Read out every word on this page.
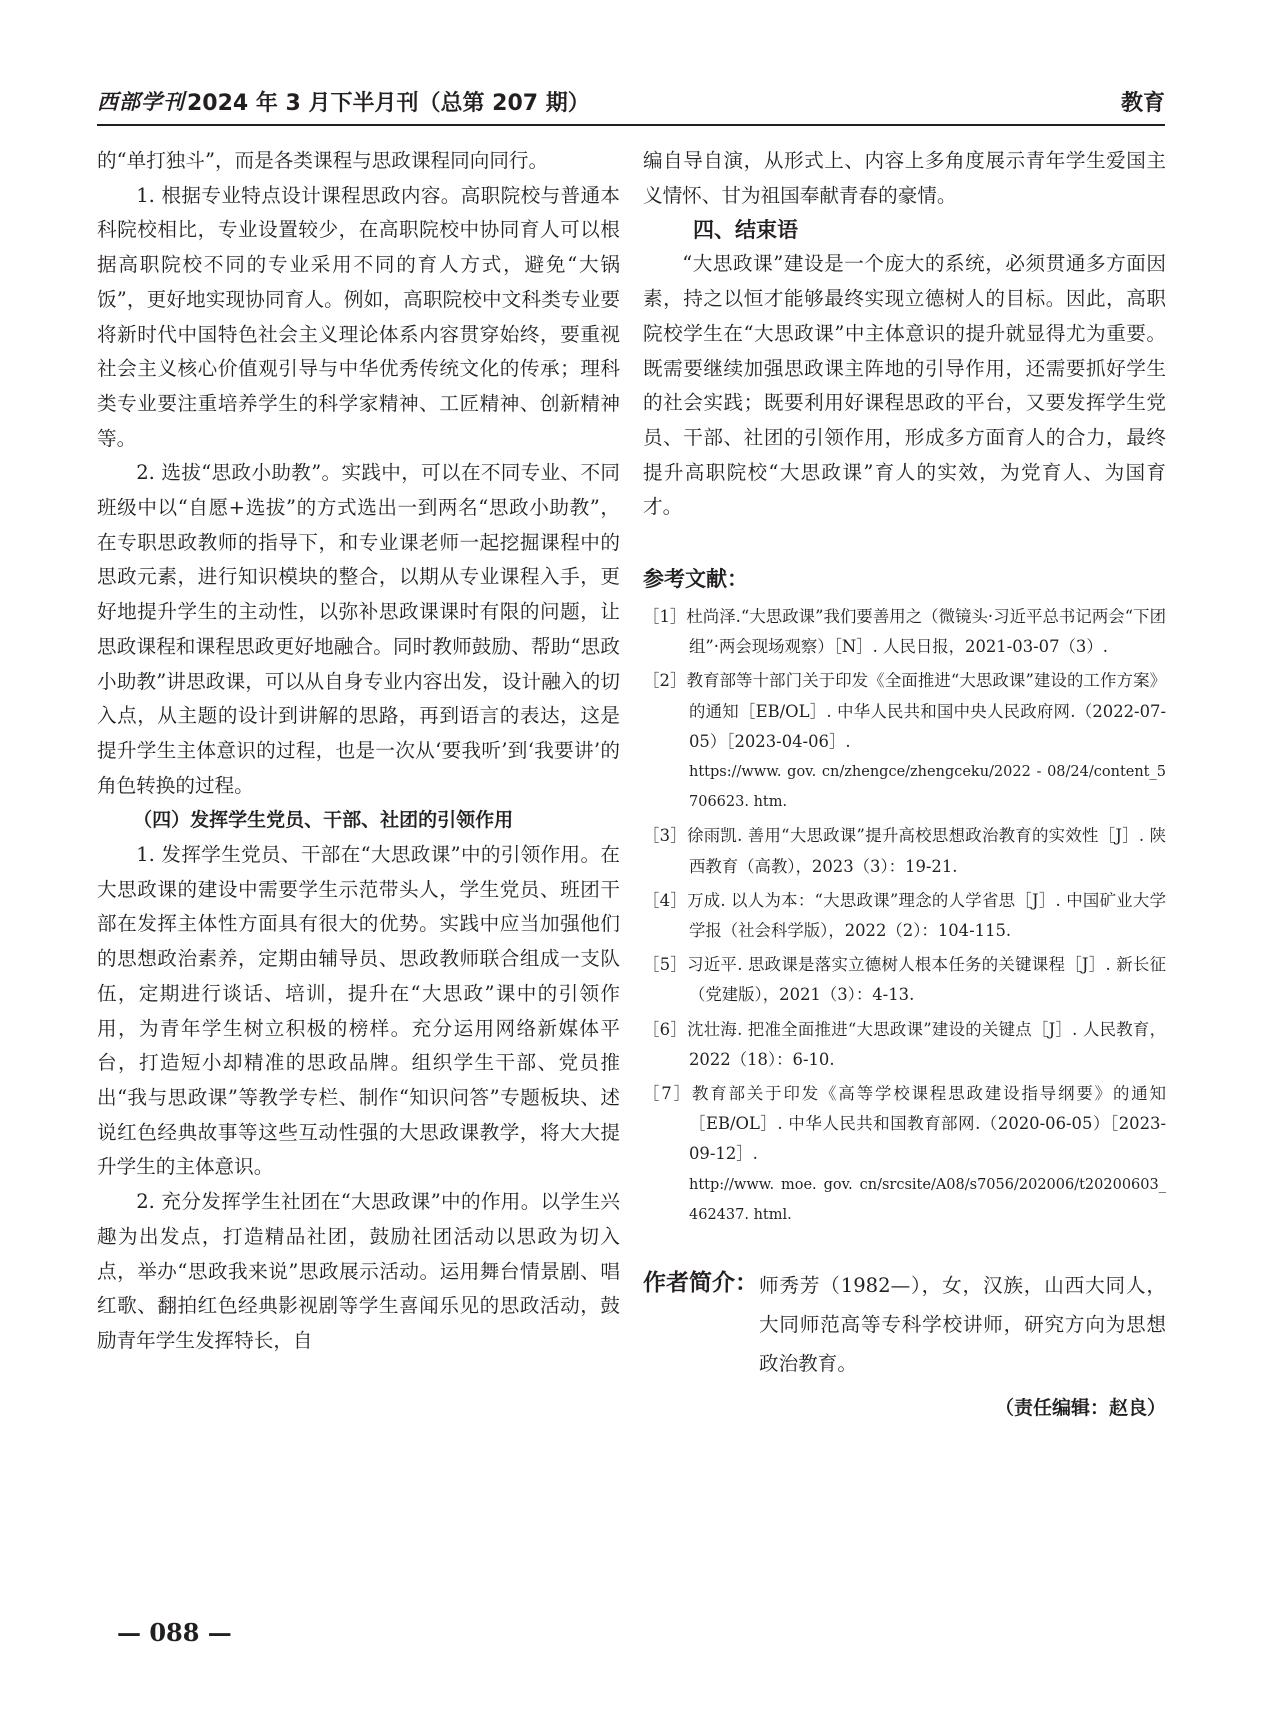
西部学刊 2024 年 3 月下半月刊（总第 207 期）	教育

的“单打独斗”，而是各类课程与思政课程同向同行。

1. 根据专业特点设计课程思政内容。高职院校与普通本科院校相比，专业设置较少，在高职院校中协同育人可以根据高职院校不同的专业采用不同的育人方式，避免“大锅饭”，更好地实现协同育人。例如，高职院校中文科类专业要将新时代中国特色社会主义理论体系内容贯穿始终，要重视社会主义核心价值观引导与中华优秀传统文化的传承；理科类专业要注重培养学生的科学家精神、工匠精神、创新精神等。

2. 选拔“思政小助教”。实践中，可以在不同专业、不同班级中以“自愿+选拔”的方式选出一到两名“思政小助教”，在专职思政教师的指导下，和专业课老师一起挖掘课程中的思政元素，进行知识模块的整合，以期从专业课程入手，更好地提升学生的主动性，以弥补思政课课时有限的问题，让思政课程和课程思政更好地融合。同时教师鼓励、帮助“思政小助教”讲思政课，可以从自身专业内容出发，设计融入的切入点，从主题的设计到讲解的思路，再到语言的表达，这是提升学生主体意识的过程，也是一次从‘要我听’到‘我要讲’的角色转换的过程。

（四）发挥学生党员、干部、社团的引领作用

1. 发挥学生党员、干部在“大思政课”中的引领作用。在大思政课的建设中需要学生示范带头人，学生党员、班团干部在发挥主体性方面具有很大的优势。实践中应当加强他们的思想政治素养，定期由辅导员、思政教师联合组成一支队伍，定期进行谈话、培训，提升在“大思政”课中的引领作用，为青年学生树立积极的榜样。充分运用网络新媒体平台，打造短小却精准的思政品牌。组织学生干部、党员推出“我与思政课”等教学专栏、制作“知识问答”专题板块、述说红色经典故事等这些互动性强的大思政课教学，将大大提升学生的主体意识。

2. 充分发挥学生社团在“大思政课”中的作用。以学生兴趣为出发点，打造精品社团，鼓励社团活动以思政为切入点，举办“思政我来说”思政展示活动。运用舞台情景剧、唱红歌、翻拍红色经典影视剧等学生喜闻乐见的思政活动，鼓励青年学生发挥特长，自

编自导自演，从形式上、内容上多角度展示青年学生爱国主义情怀、甘为祖国奉献青春的豪情。

四、结束语

“大思政课”建设是一个庞大的系统，必须贯通多方面因素，持之以恒才能够最终实现立德树人的目标。因此，高职院校学生在“大思政课”中主体意识的提升就显得尤为重要。既需要继续加强思政课主阵地的引导作用，还需要抓好学生的社会实践；既要利用好课程思政的平台，又要发挥学生党员、干部、社团的引领作用，形成多方面育人的合力，最终提升高职院校“大思政课”育人的实效，为党育人、为国育才。

参考文献：
［1］杜尚泽.“大思政课”我们要善用之（微镜头·习近平总书记两会“下团组”·两会现场观察）［N］. 人民日报，2021-03-07（3）.
［2］教育部等十部门关于印发《全面推进“大思政课”建设的工作方案》的通知［EB/OL］. 中华人民共和国中央人民政府网.（2022-07-05）［2023-04-06］.
https://www. gov. cn/zhengce/zhengceku/2022 - 08/24/content_5706623. htm.
［3］徐雨凯. 善用“大思政课”提升高校思想政治教育的实效性［J］. 陕西教育（高教），2023（3）：19-21.
［4］万成. 以人为本：“大思政课”理念的人学省思［J］. 中国矿业大学学报（社会科学版），2022（2）：104-115.
［5］习近平. 思政课是落实立德树人根本任务的关键课程［J］. 新长征（党建版），2021（3）：4-13.
［6］沈壮海. 把准全面推进“大思政课”建设的关键点［J］. 人民教育，2022（18）：6-10.
［7］教育部关于印发《高等学校课程思政建设指导纲要》的通知［EB/OL］. 中华人民共和国教育部网.（2020-06-05）［2023-09-12］.
http://www. moe. gov. cn/srcsite/A08/s7056/202006/t20200603_462437. html.
作者简介： 师秀芳（1982—），女，汉族，山西大同人，大同师范高等专科学校讲师，研究方向为思想政治教育。
（责任编辑：赵良）
— 088 —
